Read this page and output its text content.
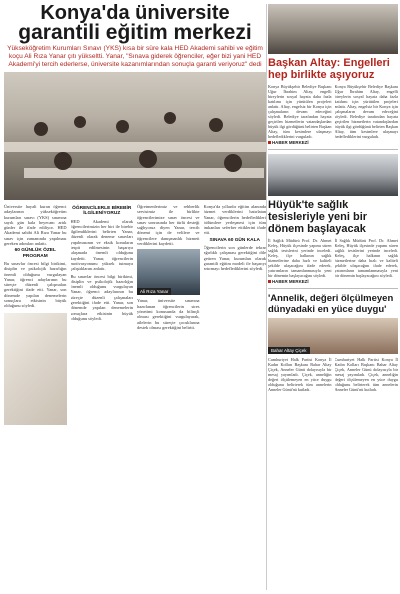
Konya'da üniversite
garantili eğitim merkezi

Yükseköğretim Kurumları Sınavı (YKS) kısa bir süre kala HED Akademi sahibi ve eğitim koçu Ali Rıza Yanar çıtı yükseltti. Yanar, "Sınava giderek öğrenciler, eğer bizi yani HED Akademi'yi tercih ederlerse, üniversite kazanımlarından sonuçla garanti veriyoruz" dedi

Üniversite hayali kuran öğrenci adaylarının yükseköğretim kurumları sınavı (YKS) sınavına sayılı gün kala heyecanı artık günler ile ifade ediliyor. HED Akademi sahibi Ali Rıza Yanar bu sınav için zamanında yapılması gereken adımları anlattı.

60 GÜNLÜK ÖZEL PROGRAM

Bu sınavlar öncesi bilgi birikimi, disiplin ve psikolojik hazırlığın önemli olduğunu vurgulayan Yanar, öğrenci adaylarının bu süreçte düzenli çalışmaları gerektiğini ifade etti. Yanar, son dönemde yapılan denemelerin sonuçlara etkisinin büyük olduğunu söyledi.

ÖĞRENCİLERLE BİREBİR İLGİLENİYORUZ

HED Akademi olarak öğrencilerimizin her biri ile birebir ilgilendiklerini belirten Yanar, düzenli olarak deneme sınavları yapılmasının ve eksik konuların tespit edilmesinin başarıya ulaşmada önemli olduğunu kaydetti. Yanar, öğrencilerin motivasyonunu yüksek tutmaya çalıştıklarını anlattı.

Bu sınavlar öncesi bilgi birikimi, disiplin ve psikolojik hazırlığın önemli olduğunu vurgulayan Yanar, öğrenci adaylarının bu süreçte düzenli çalışmaları gerektiğini ifade etti. Yanar, son dönemde yapılan denemelerin sonuçlara etkisinin büyük olduğunu söyledi.

Öğretmenlerimiz ve rehberlik servisimiz ile birlikte öğrencilerimize sınav öncesi ve sınav sonrasında her türlü desteği sağlıyoruz diyen Yanar, tercih dönemi için de velilere ve öğrencilere danışmanlık hizmeti verdiklerini kaydetti.

Ali Rıza Yanar

Yanar, üniversite sınavına hazırlanan öğrencilerin stres yönetimi konusunda da bilinçli olması gerektiğini vurgulayarak, ailelerin bu süreçte çocuklarına destek olması gerektiğini belirtti.

Konya'da yıllardır eğitim alanında hizmet verdiklerini hatırlatan Yanar, öğrencilerin hedefledikleri bölümlere yerleşmesi için tüm imkanları seferber ettiklerini ifade etti.

SINAVA 60 GÜN KALA

Öğrencilerin son günlerde tekrar ağırlıklı çalışması gerektiğini dile getiren Yanar, kurumları olarak garantili eğitim modeli ile başarıyı artırmayı hedeflediklerini söyledi.

Başkan Altay: Engelleri hep birlikte aşıyoruz
Konya Büyükşehir Belediye Başkanı Uğur İbrahim Altay, engelli bireylerin sosyal hayata daha fazla katılımı için yürütülen projeleri anlattı. Altay, engelsiz bir Konya için çalışmaların devam edeceğini söyledi. Belediye tarafından hayata geçirilen hizmetlerin vatandaşlardan büyük ilgi gördüğünü belirten Başkan Altay, tüm kesimlere ulaşmayı hedeflediklerini vurguladı.
Konya Büyükşehir Belediye Başkanı Uğur İbrahim Altay, engelli bireylerin sosyal hayata daha fazla katılımı için yürütülen projeleri anlattı. Altay, engelsiz bir Konya için çalışmaların devam edeceğini söyledi. Belediye tarafından hayata geçirilen hizmetlerin vatandaşlardan büyük ilgi gördüğünü belirten Başkan Altay, tüm kesimlere ulaşmayı hedeflediklerini vurguladı.
HABER MERKEZİ
Hüyük'te sağlık tesisleriyle yeni bir dönem başlayacak
İl Sağlık Müdürü Prof. Dr. Ahmet Keleş, Hüyük ilçesinde yapımı süren sağlık tesislerini yerinde inceledi. Keleş, ilçe halkının sağlık hizmetlerine daha hızlı ve kaliteli şekilde ulaşacağını ifade ederek, yatırımların tamamlanmasıyla yeni bir dönemin başlayacağını söyledi.
İl Sağlık Müdürü Prof. Dr. Ahmet Keleş, Hüyük ilçesinde yapımı süren sağlık tesislerini yerinde inceledi. Keleş, ilçe halkının sağlık hizmetlerine daha hızlı ve kaliteli şekilde ulaşacağını ifade ederek, yatırımların tamamlanmasıyla yeni bir dönemin başlayacağını söyledi.
HABER MERKEZİ
'Annelik, değeri ölçülmeyen dünyadaki en yüce duygu'
Bahar Altay Çiçek
Cumhuriyet Halk Partisi Konya İl Kadın Kolları Başkanı Bahar Altay Çiçek, Anneler Günü dolayısıyla bir mesaj yayımladı. Çiçek, anneliğin değeri ölçülemeyen en yüce duygu olduğunu belirterek tüm annelerin Anneler Günü'nü kutladı.
Cumhuriyet Halk Partisi Konya İl Kadın Kolları Başkanı Bahar Altay Çiçek, Anneler Günü dolayısıyla bir mesaj yayımladı. Çiçek, anneliğin değeri ölçülemeyen en yüce duygu olduğunu belirterek tüm annelerin Anneler Günü'nü kutladı.
